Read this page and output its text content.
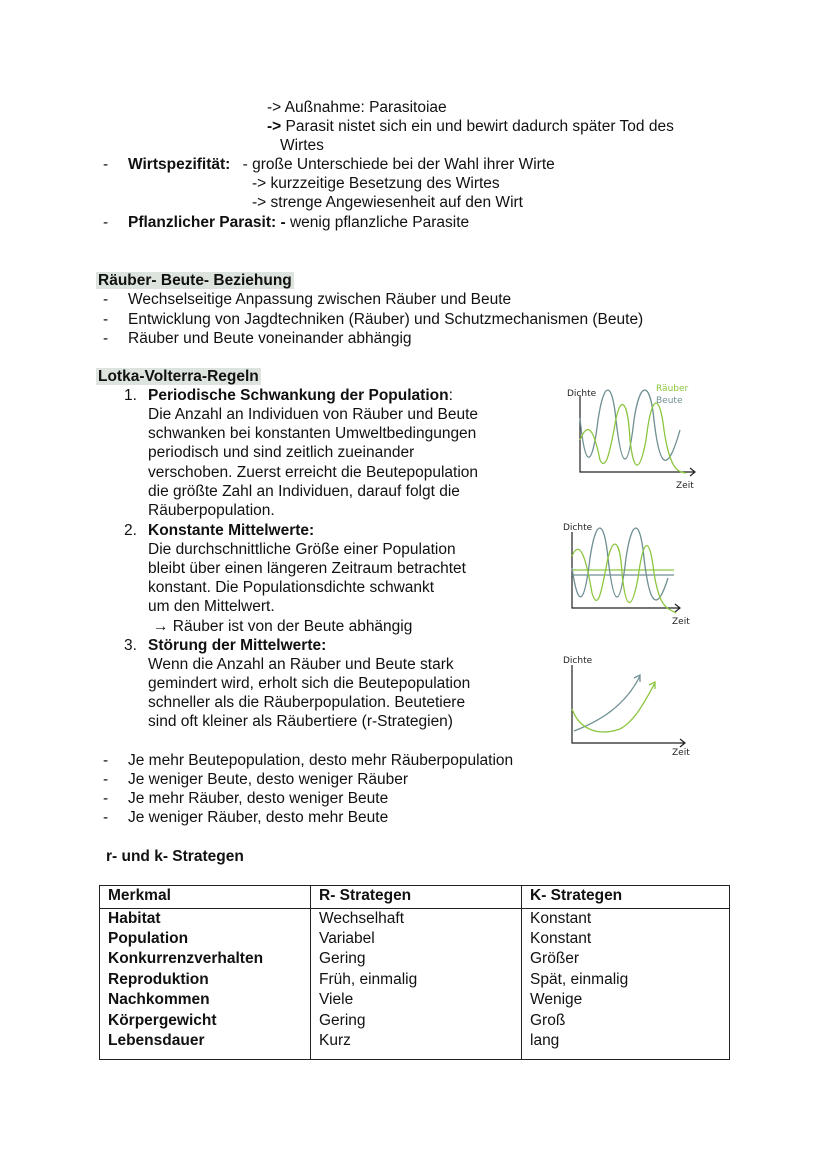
-> Außnahme: Parasitoiae
-> Parasit nistet sich ein und bewirt dadurch später Tod des
Wirtes
- Wirtspezifität: - große Unterschiede bei der Wahl ihrer Wirte
-> kurzzeitige Besetzung des Wirtes
-> strenge Angewiesenheit auf den Wirt
- Pflanzlicher Parasit: - wenig pflanzliche Parasite
Räuber- Beute- Beziehung
- Wechselseitige Anpassung zwischen Räuber und Beute
- Entwicklung von Jagdtechniken (Räuber) und Schutzmechanismen (Beute)
- Räuber und Beute voneinander abhängig
Lotka-Volterra-Regeln
1. Periodische Schwankung der Population:
Die Anzahl an Individuen von Räuber und Beute
schwanken bei konstanten Umweltbedingungen
periodisch und sind zeitlich zueinander
verschoben. Zuerst erreicht die Beutepopulation
die größte Zahl an Individuen, darauf folgt die
Räuberpopulation.
2. Konstante Mittelwerte:
Die durchschnittliche Größe einer Population
bleibt über einen längeren Zeitraum betrachtet
konstant. Die Populationsdichte schwankt
um den Mittelwert.
→ Räuber ist von der Beute abhängig
3. Störung der Mittelwerte:
Wenn die Anzahl an Räuber und Beute stark
gemindert wird, erholt sich die Beutepopulation
schneller als die Räuberpopulation. Beutetiere
sind oft kleiner als Räubertiere (r-Strategien)
Dichte	Räuber
Beute
Zeit
Dichte
Zeit
Dichte
Zeit
- Je mehr Beutepopulation, desto mehr Räuberpopulation
- Je weniger Beute, desto weniger Räuber
- Je mehr Räuber, desto weniger Beute
- Je weniger Räuber, desto mehr Beute
r- und k- Strategen
Merkmal	R- Strategen	K- Strategen
Habitat	Wechselhaft	Konstant
Population	Variabel	Konstant
Konkurrenzverhalten	Gering	Größer
Reproduktion	Früh, einmalig	Spät, einmalig
Nachkommen	Viele	Wenige
Körpergewicht	Gering	Groß
Lebensdauer	Kurz	lang
